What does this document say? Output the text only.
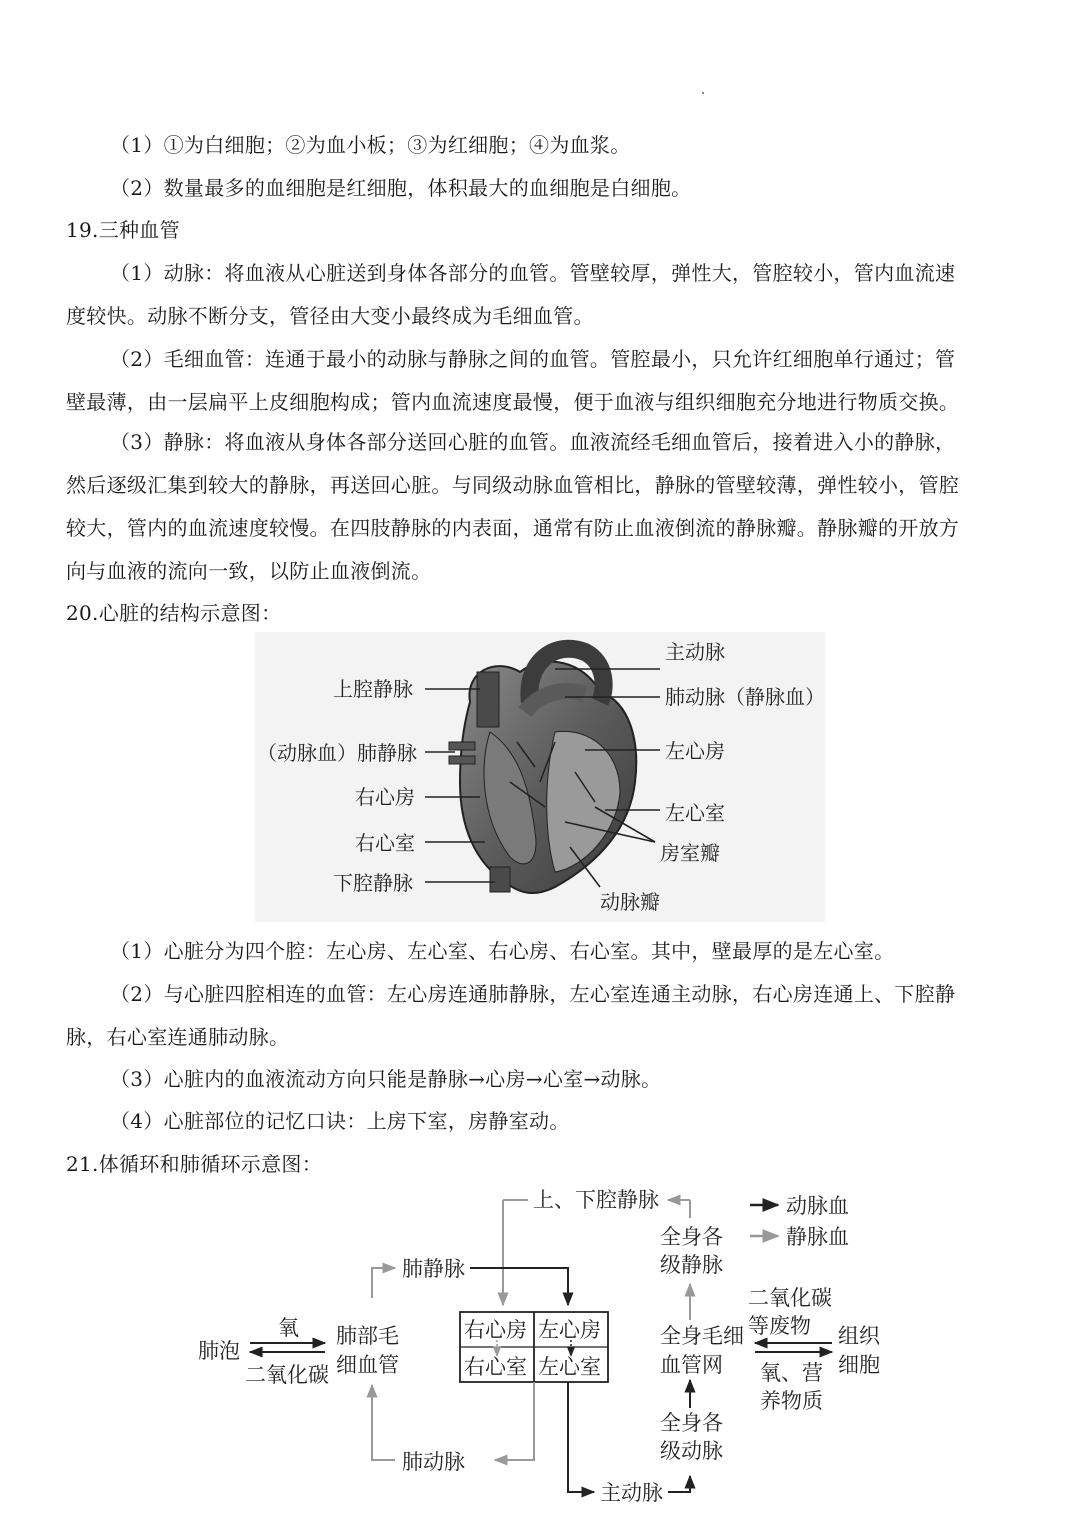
（1）①为白细胞；②为血小板；③为红细胞；④为血浆。
（2）数量最多的血细胞是红细胞，体积最大的血细胞是白细胞。
19.三种血管
（1）动脉：将血液从心脏送到身体各部分的血管。管壁较厚，弹性大，管腔较小，管内血流速
度较快。动脉不断分支，管径由大变小最终成为毛细血管。
（2）毛细血管：连通于最小的动脉与静脉之间的血管。管腔最小，只允许红细胞单行通过；管
壁最薄，由一层扁平上皮细胞构成；管内血流速度最慢，便于血液与组织细胞充分地进行物质交换。
（3）静脉：将血液从身体各部分送回心脏的血管。血液流经毛细血管后，接着进入小的静脉，
然后逐级汇集到较大的静脉，再送回心脏。与同级动脉血管相比，静脉的管壁较薄，弹性较小，管腔
较大，管内的血流速度较慢。在四肢静脉的内表面，通常有防止血液倒流的静脉瓣。静脉瓣的开放方
向与血液的流向一致，以防止血液倒流。
20.心脏的结构示意图：
主动脉
上腔静脉	肺动脉（静脉血）
（动脉血）肺静脉	左心房
右心房
左心室
右心室	房室瓣
下腔静脉
动脉瓣
（1）心脏分为四个腔：左心房、左心室、右心房、右心室。其中，壁最厚的是左心室。
（2）与心脏四腔相连的血管：左心房连通肺静脉，左心室连通主动脉，右心房连通上、下腔静
脉，右心室连通肺动脉。
（3）心脏内的血液流动方向只能是静脉→心房→心室→动脉。
（4）心脏部位的记忆口诀：上房下室，房静室动。
21.体循环和肺循环示意图：
动脉血
静脉血
右心房 左心房
右心室 左心室
上、下腔静脉
全身各
级静脉
肺静脉
肺泡
氧
二氧化碳
肺部毛
细血管
肺动脉
主动脉
全身各
级动脉
全身毛细
血管网
二氧化碳
等废物 组织
细胞
氧、营
养物质
